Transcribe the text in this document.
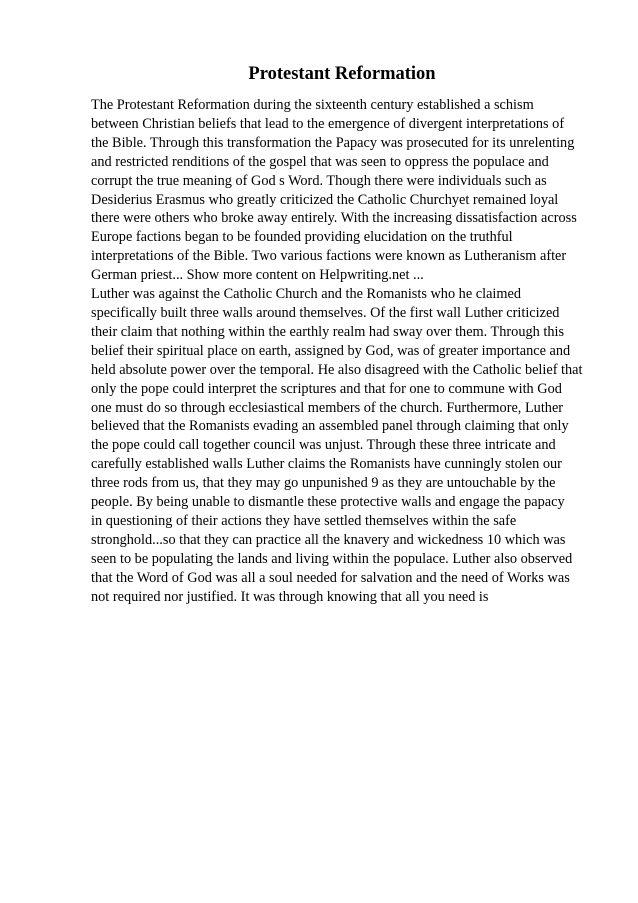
Protestant Reformation
The Protestant Reformation during the sixteenth century established a schism
between Christian beliefs that lead to the emergence of divergent interpretations of
the Bible. Through this transformation the Papacy was prosecuted for its unrelenting
and restricted renditions of the gospel that was seen to oppress the populace and
corrupt the true meaning of God s Word. Though there were individuals such as
Desiderius Erasmus who greatly criticized the Catholic Churchyet remained loyal
there were others who broke away entirely. With the increasing dissatisfaction across
Europe factions began to be founded providing elucidation on the truthful
interpretations of the Bible. Two various factions were known as Lutheranism after
German priest... Show more content on Helpwriting.net ...
Luther was against the Catholic Church and the Romanists who he claimed
specifically built three walls around themselves. Of the first wall Luther criticized
their claim that nothing within the earthly realm had sway over them. Through this
belief their spiritual place on earth, assigned by God, was of greater importance and
held absolute power over the temporal. He also disagreed with the Catholic belief that
only the pope could interpret the scriptures and that for one to commune with God
one must do so through ecclesiastical members of the church. Furthermore, Luther
believed that the Romanists evading an assembled panel through claiming that only
the pope could call together council was unjust. Through these three intricate and
carefully established walls Luther claims the Romanists have cunningly stolen our
three rods from us, that they may go unpunished 9 as they are untouchable by the
people. By being unable to dismantle these protective walls and engage the papacy
in questioning of their actions they have settled themselves within the safe
stronghold...so that they can practice all the knavery and wickedness 10 which was
seen to be populating the lands and living within the populace. Luther also observed
that the Word of God was all a soul needed for salvation and the need of Works was
not required nor justified. It was through knowing that all you need is
